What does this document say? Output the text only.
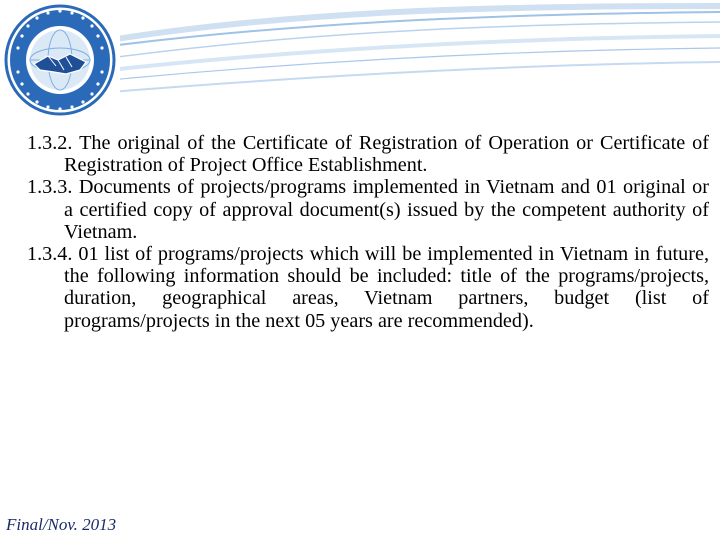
1.3.2. The original of the Certificate of Registration of Operation or Certificate of Registration of Project Office Establishment.

1.3.3. Documents of projects/programs implemented in Vietnam and 01 original or a certified copy of approval document(s) issued by the competent authority of Vietnam.

1.3.4. 01 list of programs/projects which will be implemented in Vietnam in future, the following information should be included: title of the programs/projects, duration, geographical areas, Vietnam partners, budget (list of programs/projects in the next 05 years are recommended).

Final/Nov. 2013
